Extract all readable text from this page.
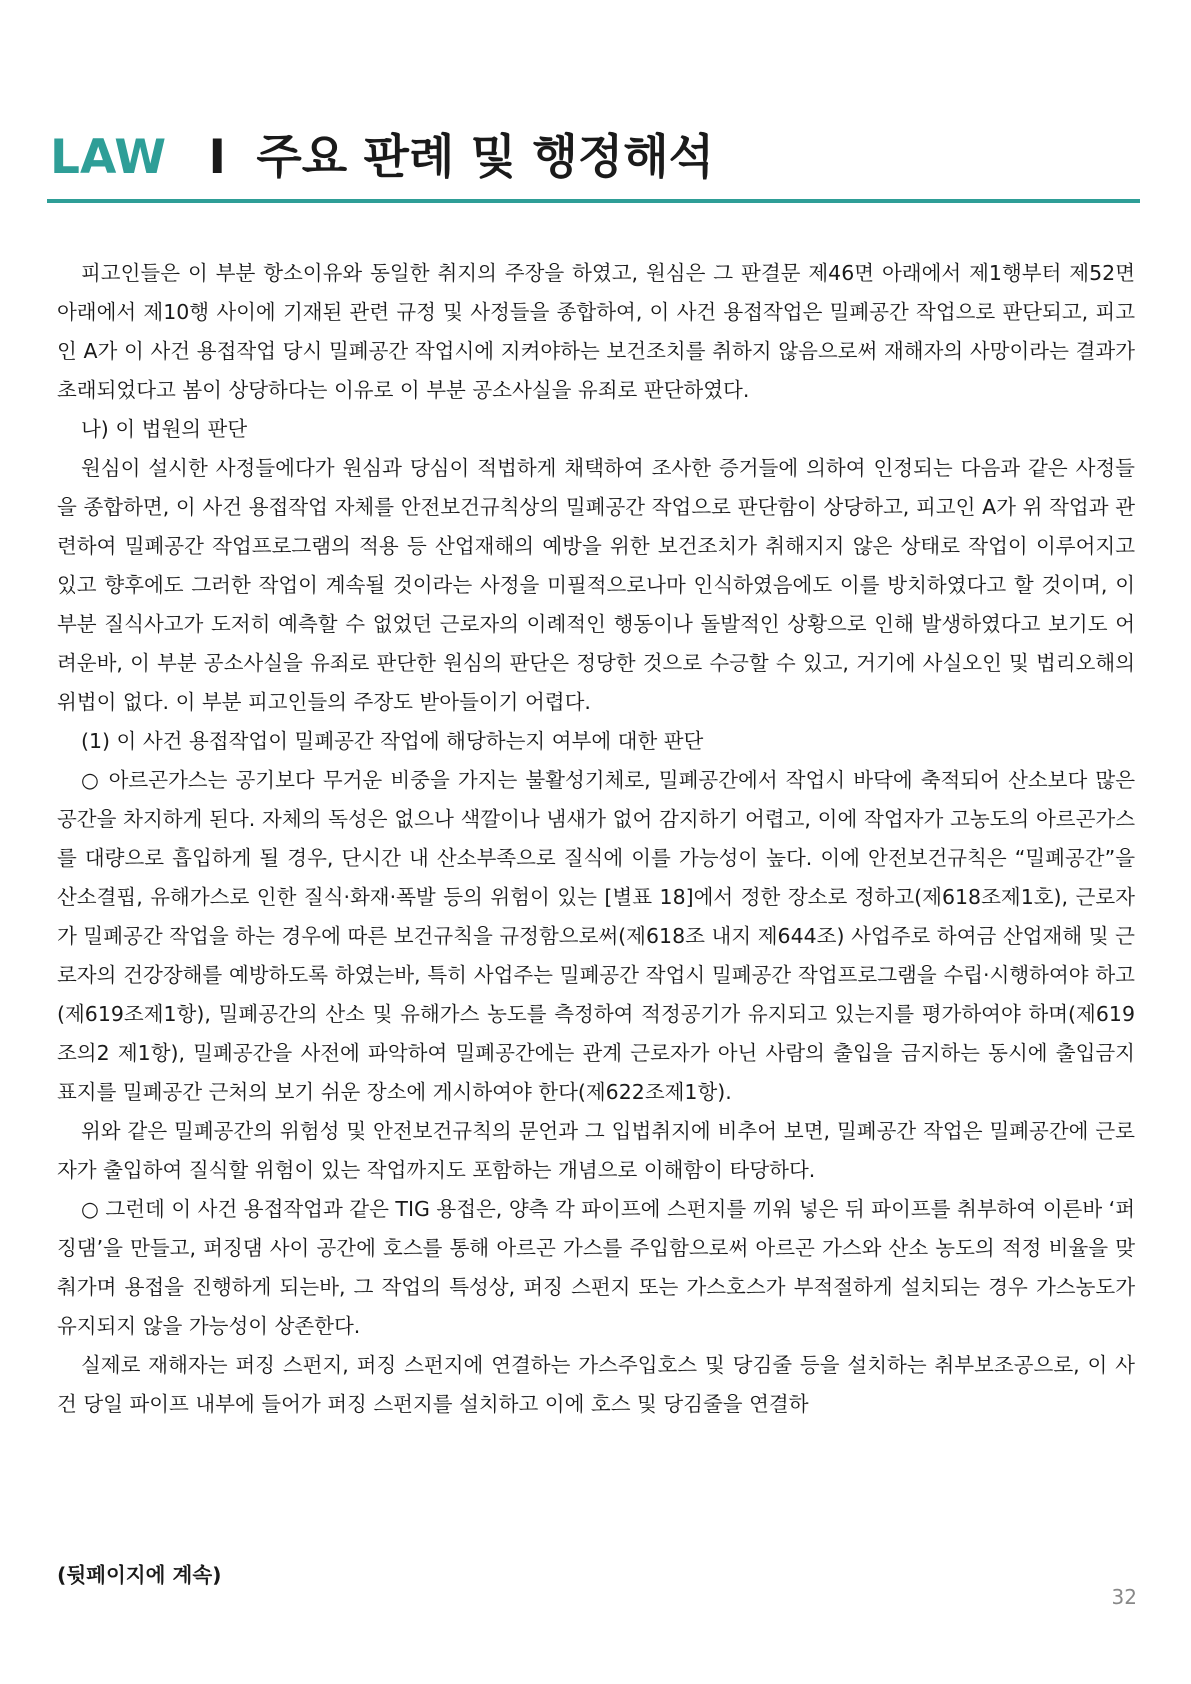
LAW I 주요 판례 및 행정해석

피고인들은 이 부분 항소이유와 동일한 취지의 주장을 하였고, 원심은 그 판결문 제46면 아래에서 제1행부터 제52면 아래에서 제10행 사이에 기재된 관련 규정 및 사정들을 종합하여, 이 사건 용접작업은 밀폐공간 작업으로 판단되고, 피고인 A가 이 사건 용접작업 당시 밀폐공간 작업시에 지켜야하는 보건조치를 취하지 않음으로써 재해자의 사망이라는 결과가 초래되었다고 봄이 상당하다는 이유로 이 부분 공소사실을 유죄로 판단하였다.

나) 이 법원의 판단

원심이 설시한 사정들에다가 원심과 당심이 적법하게 채택하여 조사한 증거들에 의하여 인정되는 다음과 같은 사정들을 종합하면, 이 사건 용접작업 자체를 안전보건규칙상의 밀폐공간 작업으로 판단함이 상당하고, 피고인 A가 위 작업과 관련하여 밀폐공간 작업프로그램의 적용 등 산업재해의 예방을 위한 보건조치가 취해지지 않은 상태로 작업이 이루어지고 있고 향후에도 그러한 작업이 계속될 것이라는 사정을 미필적으로나마 인식하였음에도 이를 방치하였다고 할 것이며, 이 부분 질식사고가 도저히 예측할 수 없었던 근로자의 이례적인 행동이나 돌발적인 상황으로 인해 발생하였다고 보기도 어려운바, 이 부분 공소사실을 유죄로 판단한 원심의 판단은 정당한 것으로 수긍할 수 있고, 거기에 사실오인 및 법리오해의 위법이 없다. 이 부분 피고인들의 주장도 받아들이기 어렵다.

(1) 이 사건 용접작업이 밀폐공간 작업에 해당하는지 여부에 대한 판단

○ 아르곤가스는 공기보다 무거운 비중을 가지는 불활성기체로, 밀폐공간에서 작업시 바닥에 축적되어 산소보다 많은 공간을 차지하게 된다. 자체의 독성은 없으나 색깔이나 냄새가 없어 감지하기 어렵고, 이에 작업자가 고농도의 아르곤가스를 대량으로 흡입하게 될 경우, 단시간 내 산소부족으로 질식에 이를 가능성이 높다. 이에 안전보건규칙은 “밀폐공간”을 산소결핍, 유해가스로 인한 질식·화재·폭발 등의 위험이 있는 [별표 18]에서 정한 장소로 정하고(제618조제1호), 근로자가 밀폐공간 작업을 하는 경우에 따른 보건규칙을 규정함으로써(제618조 내지 제644조) 사업주로 하여금 산업재해 및 근로자의 건강장해를 예방하도록 하였는바, 특히 사업주는 밀폐공간 작업시 밀폐공간 작업프로그램을 수립·시행하여야 하고(제619조제1항), 밀폐공간의 산소 및 유해가스 농도를 측정하여 적정공기가 유지되고 있는지를 평가하여야 하며(제619조의2 제1항), 밀폐공간을 사전에 파악하여 밀폐공간에는 관계 근로자가 아닌 사람의 출입을 금지하는 동시에 출입금지 표지를 밀폐공간 근처의 보기 쉬운 장소에 게시하여야 한다(제622조제1항).

위와 같은 밀폐공간의 위험성 및 안전보건규칙의 문언과 그 입법취지에 비추어 보면, 밀폐공간 작업은 밀폐공간에 근로자가 출입하여 질식할 위험이 있는 작업까지도 포함하는 개념으로 이해함이 타당하다.

○ 그런데 이 사건 용접작업과 같은 TIG 용접은, 양측 각 파이프에 스펀지를 끼워 넣은 뒤 파이프를 취부하여 이른바 ‘퍼징댐’을 만들고, 퍼징댐 사이 공간에 호스를 통해 아르곤 가스를 주입함으로써 아르곤 가스와 산소 농도의 적정 비율을 맞춰가며 용접을 진행하게 되는바, 그 작업의 특성상, 퍼징 스펀지 또는 가스호스가 부적절하게 설치되는 경우 가스농도가 유지되지 않을 가능성이 상존한다.

실제로 재해자는 퍼징 스펀지, 퍼징 스펀지에 연결하는 가스주입호스 및 당김줄 등을 설치하는 취부보조공으로, 이 사건 당일 파이프 내부에 들어가 퍼징 스펀지를 설치하고 이에 호스 및 당김줄을 연결하

(뒷페이지에 계속)

32
